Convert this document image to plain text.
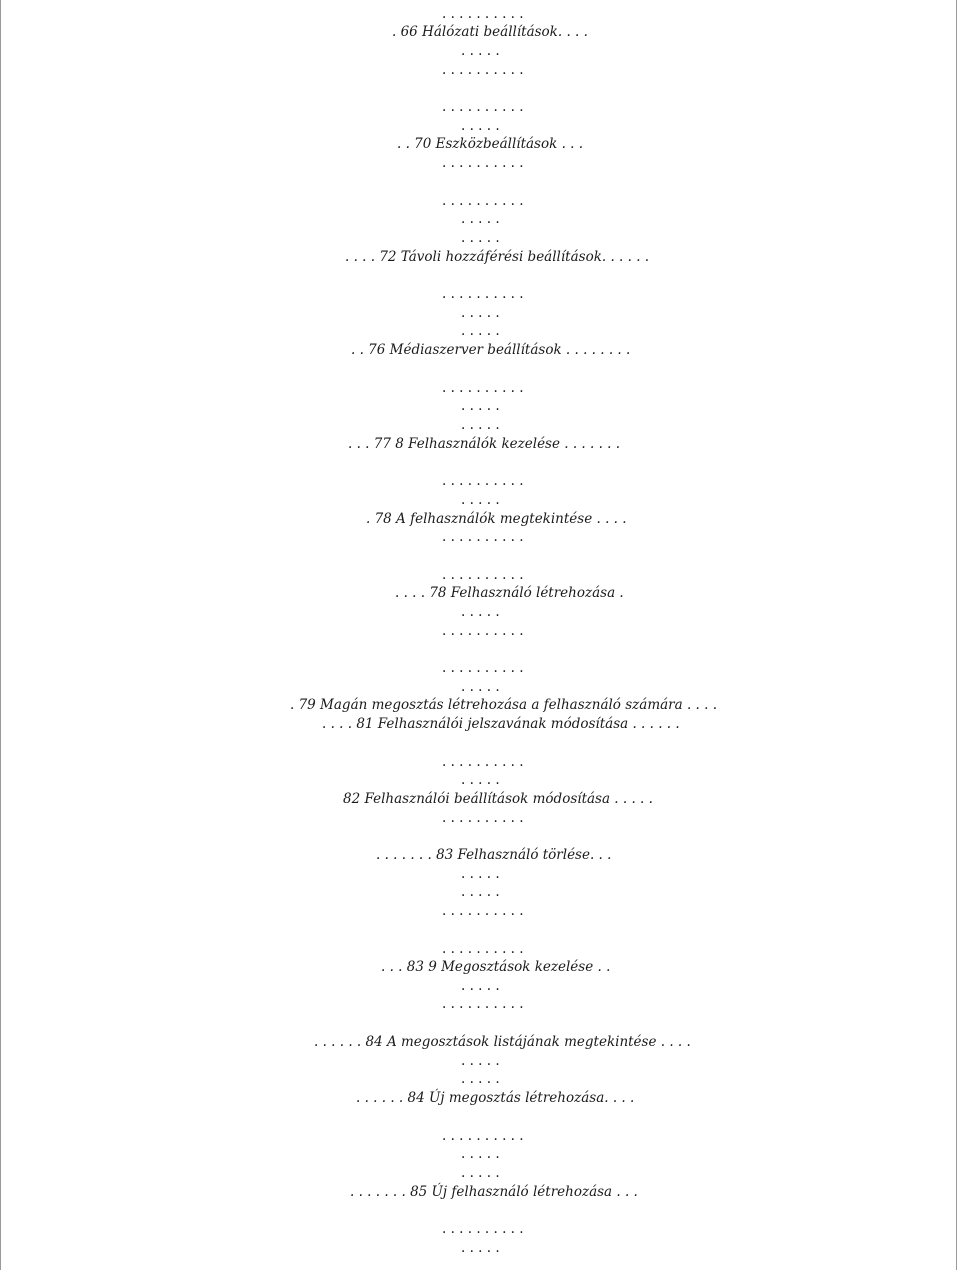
. . . . . . . . . .
. 66 Hálózati beállítások. . . .
. . . . .
. . . . . . . . . .
. . . . . . . . . .
. . . . .
. . 70 Eszközbeállítások . . .
. . . . . . . . . .
. . . . . . . . . .
. . . . .
. . . . .
. . . . 72 Távoli hozzáférési beállítások. . . . . .
. . . . . . . . . .
. . . . .
. . . . .
. . 76 Médiaszerver beállítások . . . . . . . .
. . . . . . . . . .
. . . . .
. . . . .
. . . 77 8 Felhasználók kezelése . . . . . . .
. . . . . . . . . .
. . . . .
. 78 A felhasználók megtekintése . . . .
. . . . . . . . . .
. . . . . . . . . .
. . . . 78 Felhasználó létrehozása .
. . . . .
. . . . . . . . . .
. . . . . . . . . .
. . . . .
. 79 Magán megosztás létrehozása a felhasználó számára . . . .
. . . . 81 Felhasználói jelszavának módosítása . . . . . .
. . . . . . . . . .
. . . . .
82 Felhasználói beállítások módosítása . . . . .
. . . . . . . . . .
. . . . . . . 83 Felhasználó törlése. . .
. . . . .
. . . . .
. . . . . . . . . .
. . . . . . . . . .
. . . 83 9 Megosztások kezelése . .
. . . . .
. . . . . . . . . .
. . . . . . 84 A megosztások listájának megtekintése . . . .
. . . . .
. . . . .
. . . . . . 84 Új megosztás létrehozása. . . .
. . . . . . . . . .
. . . . .
. . . . .
. . . . . . . 85 Új felhasználó létrehozása . . .
. . . . . . . . . .
. . . . .
